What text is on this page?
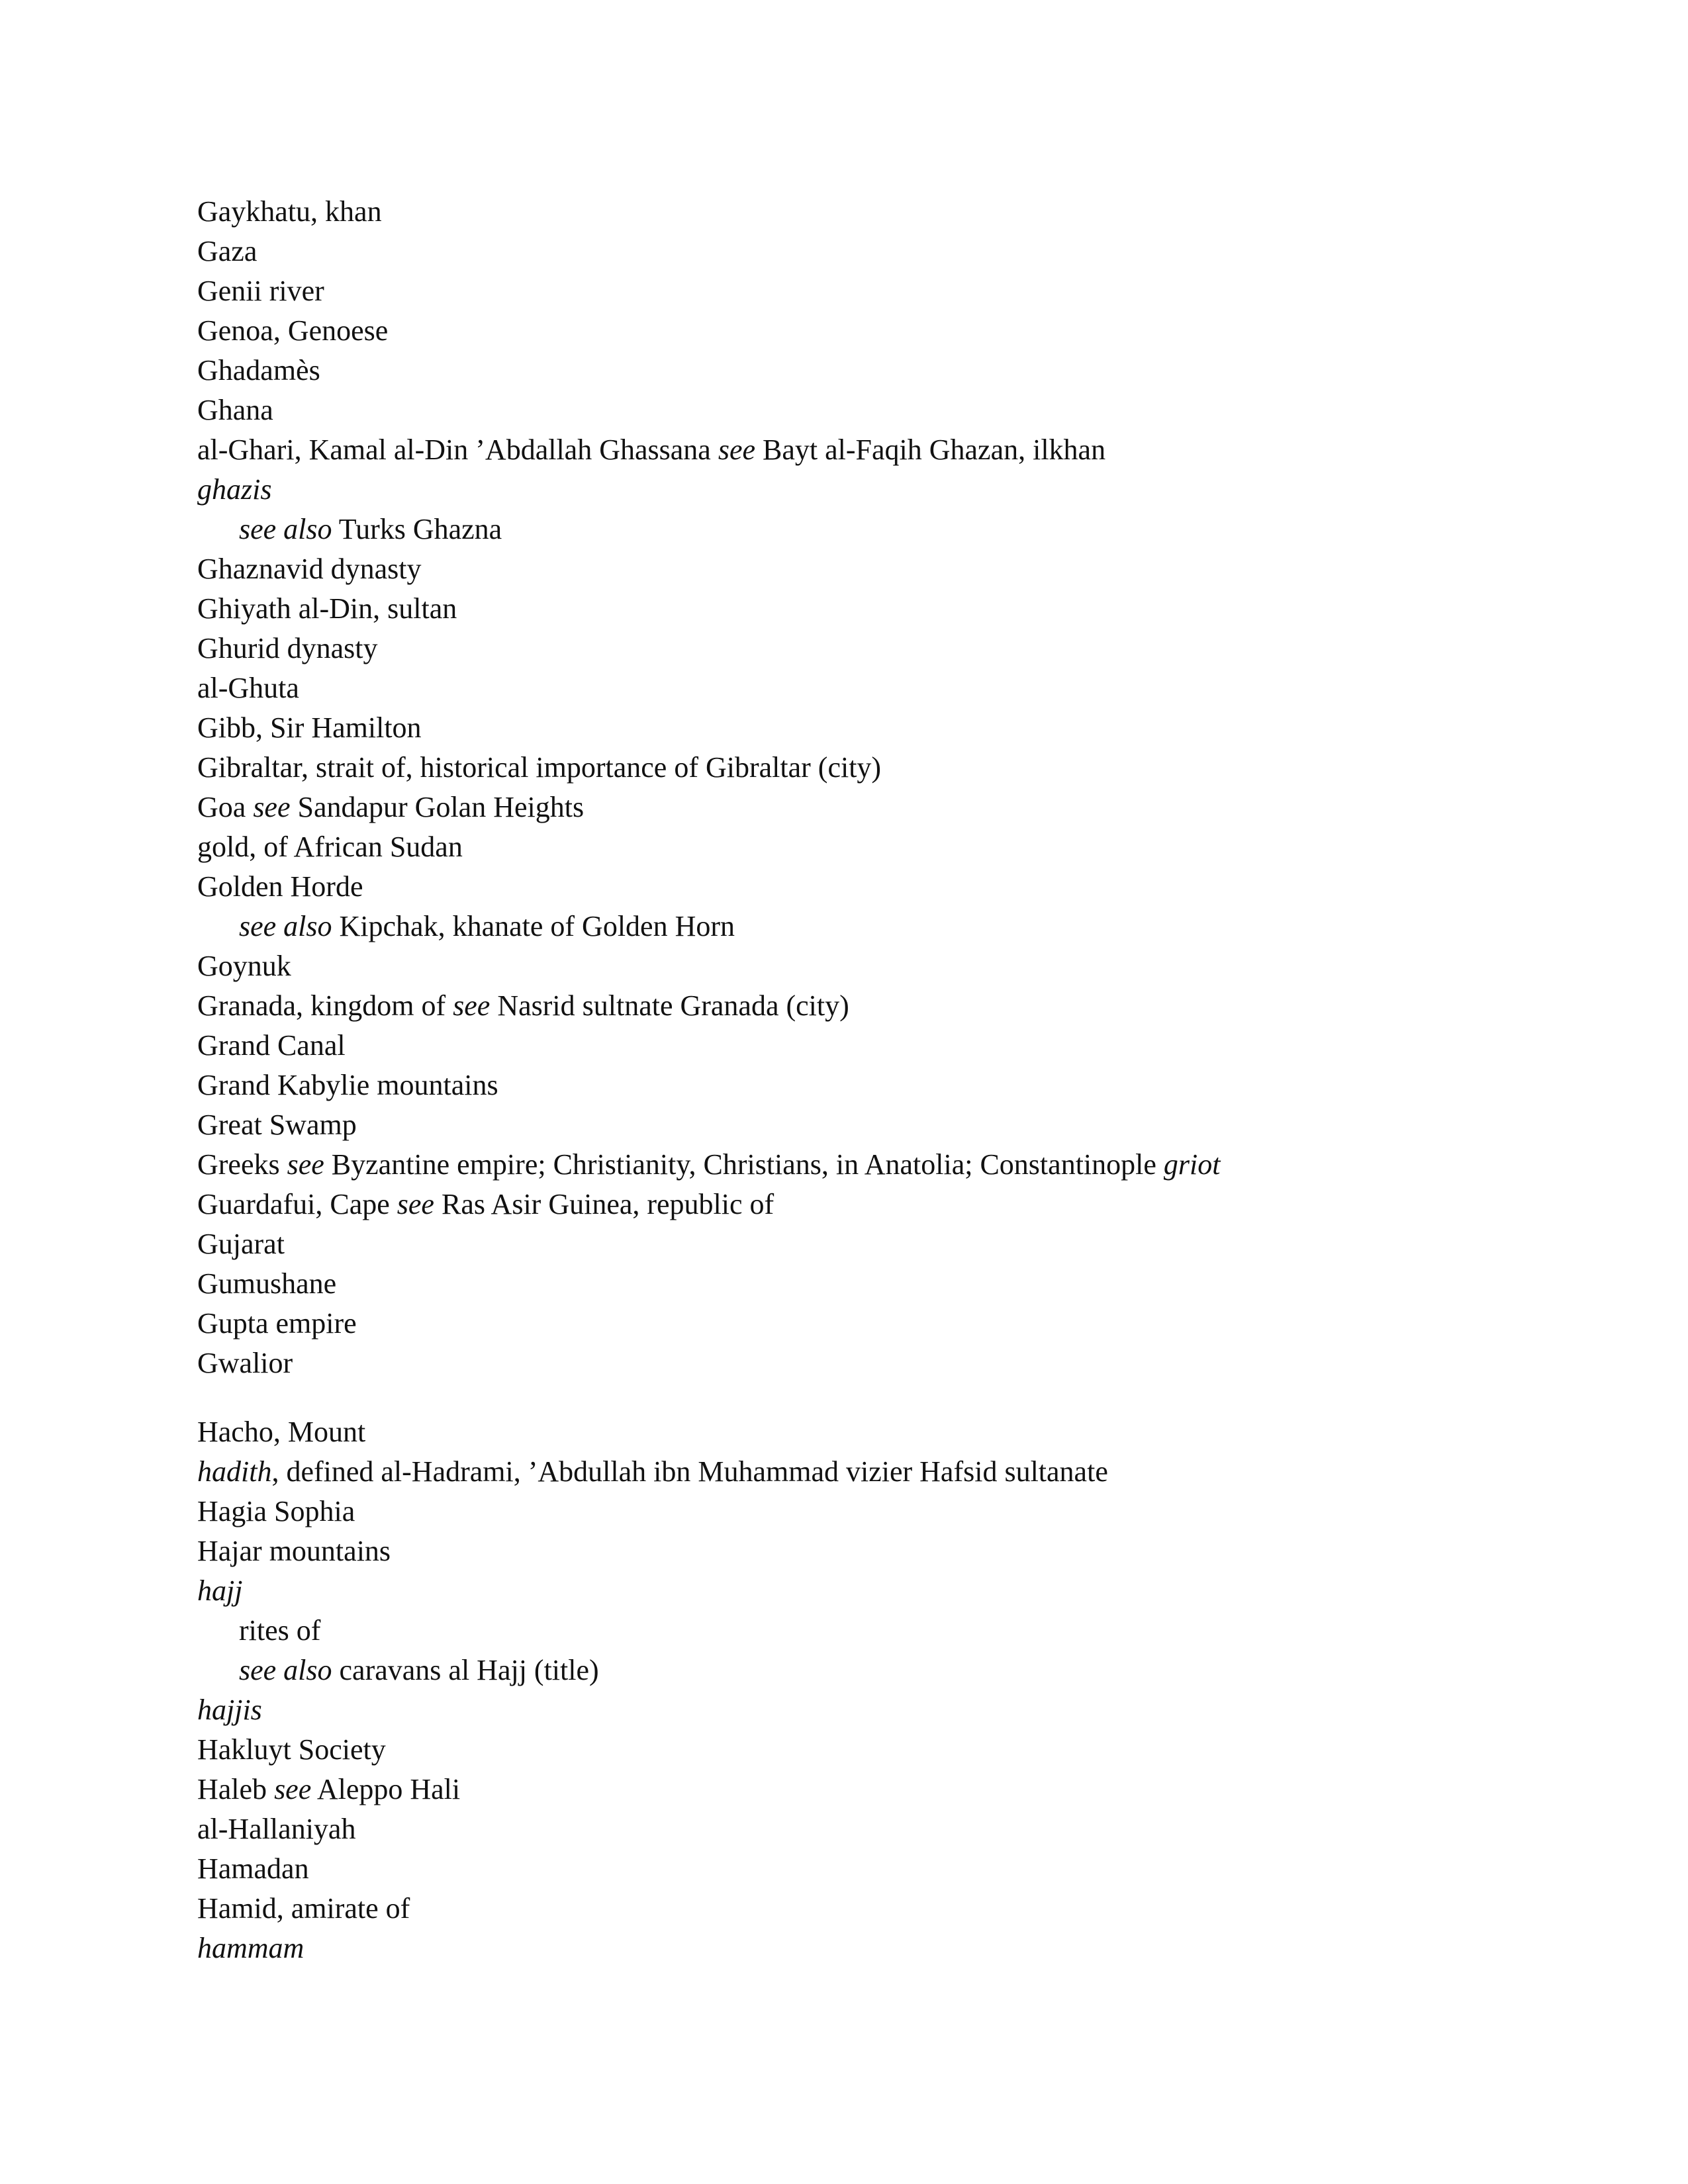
Gaykhatu, khan
Gaza
Genii river
Genoa, Genoese
Ghadamès
Ghana
al-Ghari, Kamal al-Din ’Abdallah Ghassana see Bayt al-Faqih Ghazan, ilkhan
ghazis
see also Turks Ghazna
Ghaznavid dynasty
Ghiyath al-Din, sultan
Ghurid dynasty
al-Ghuta
Gibb, Sir Hamilton
Gibraltar, strait of, historical importance of Gibraltar (city)
Goa see Sandapur Golan Heights
gold, of African Sudan
Golden Horde
see also Kipchak, khanate of Golden Horn
Goynuk
Granada, kingdom of see Nasrid sultnate Granada (city)
Grand Canal
Grand Kabylie mountains
Great Swamp
Greeks see Byzantine empire; Christianity, Christians, in Anatolia; Constantinople griot
Guardafui, Cape see Ras Asir Guinea, republic of
Gujarat
Gumushane
Gupta empire
Gwalior
Hacho, Mount
hadith, defined al-Hadrami, ’Abdullah ibn Muhammad vizier Hafsid sultanate
Hagia Sophia
Hajar mountains
hajj
rites of
see also caravans al Hajj (title)
hajjis
Hakluyt Society
Haleb see Aleppo Hali
al-Hallaniyah
Hamadan
Hamid, amirate of
hammam
